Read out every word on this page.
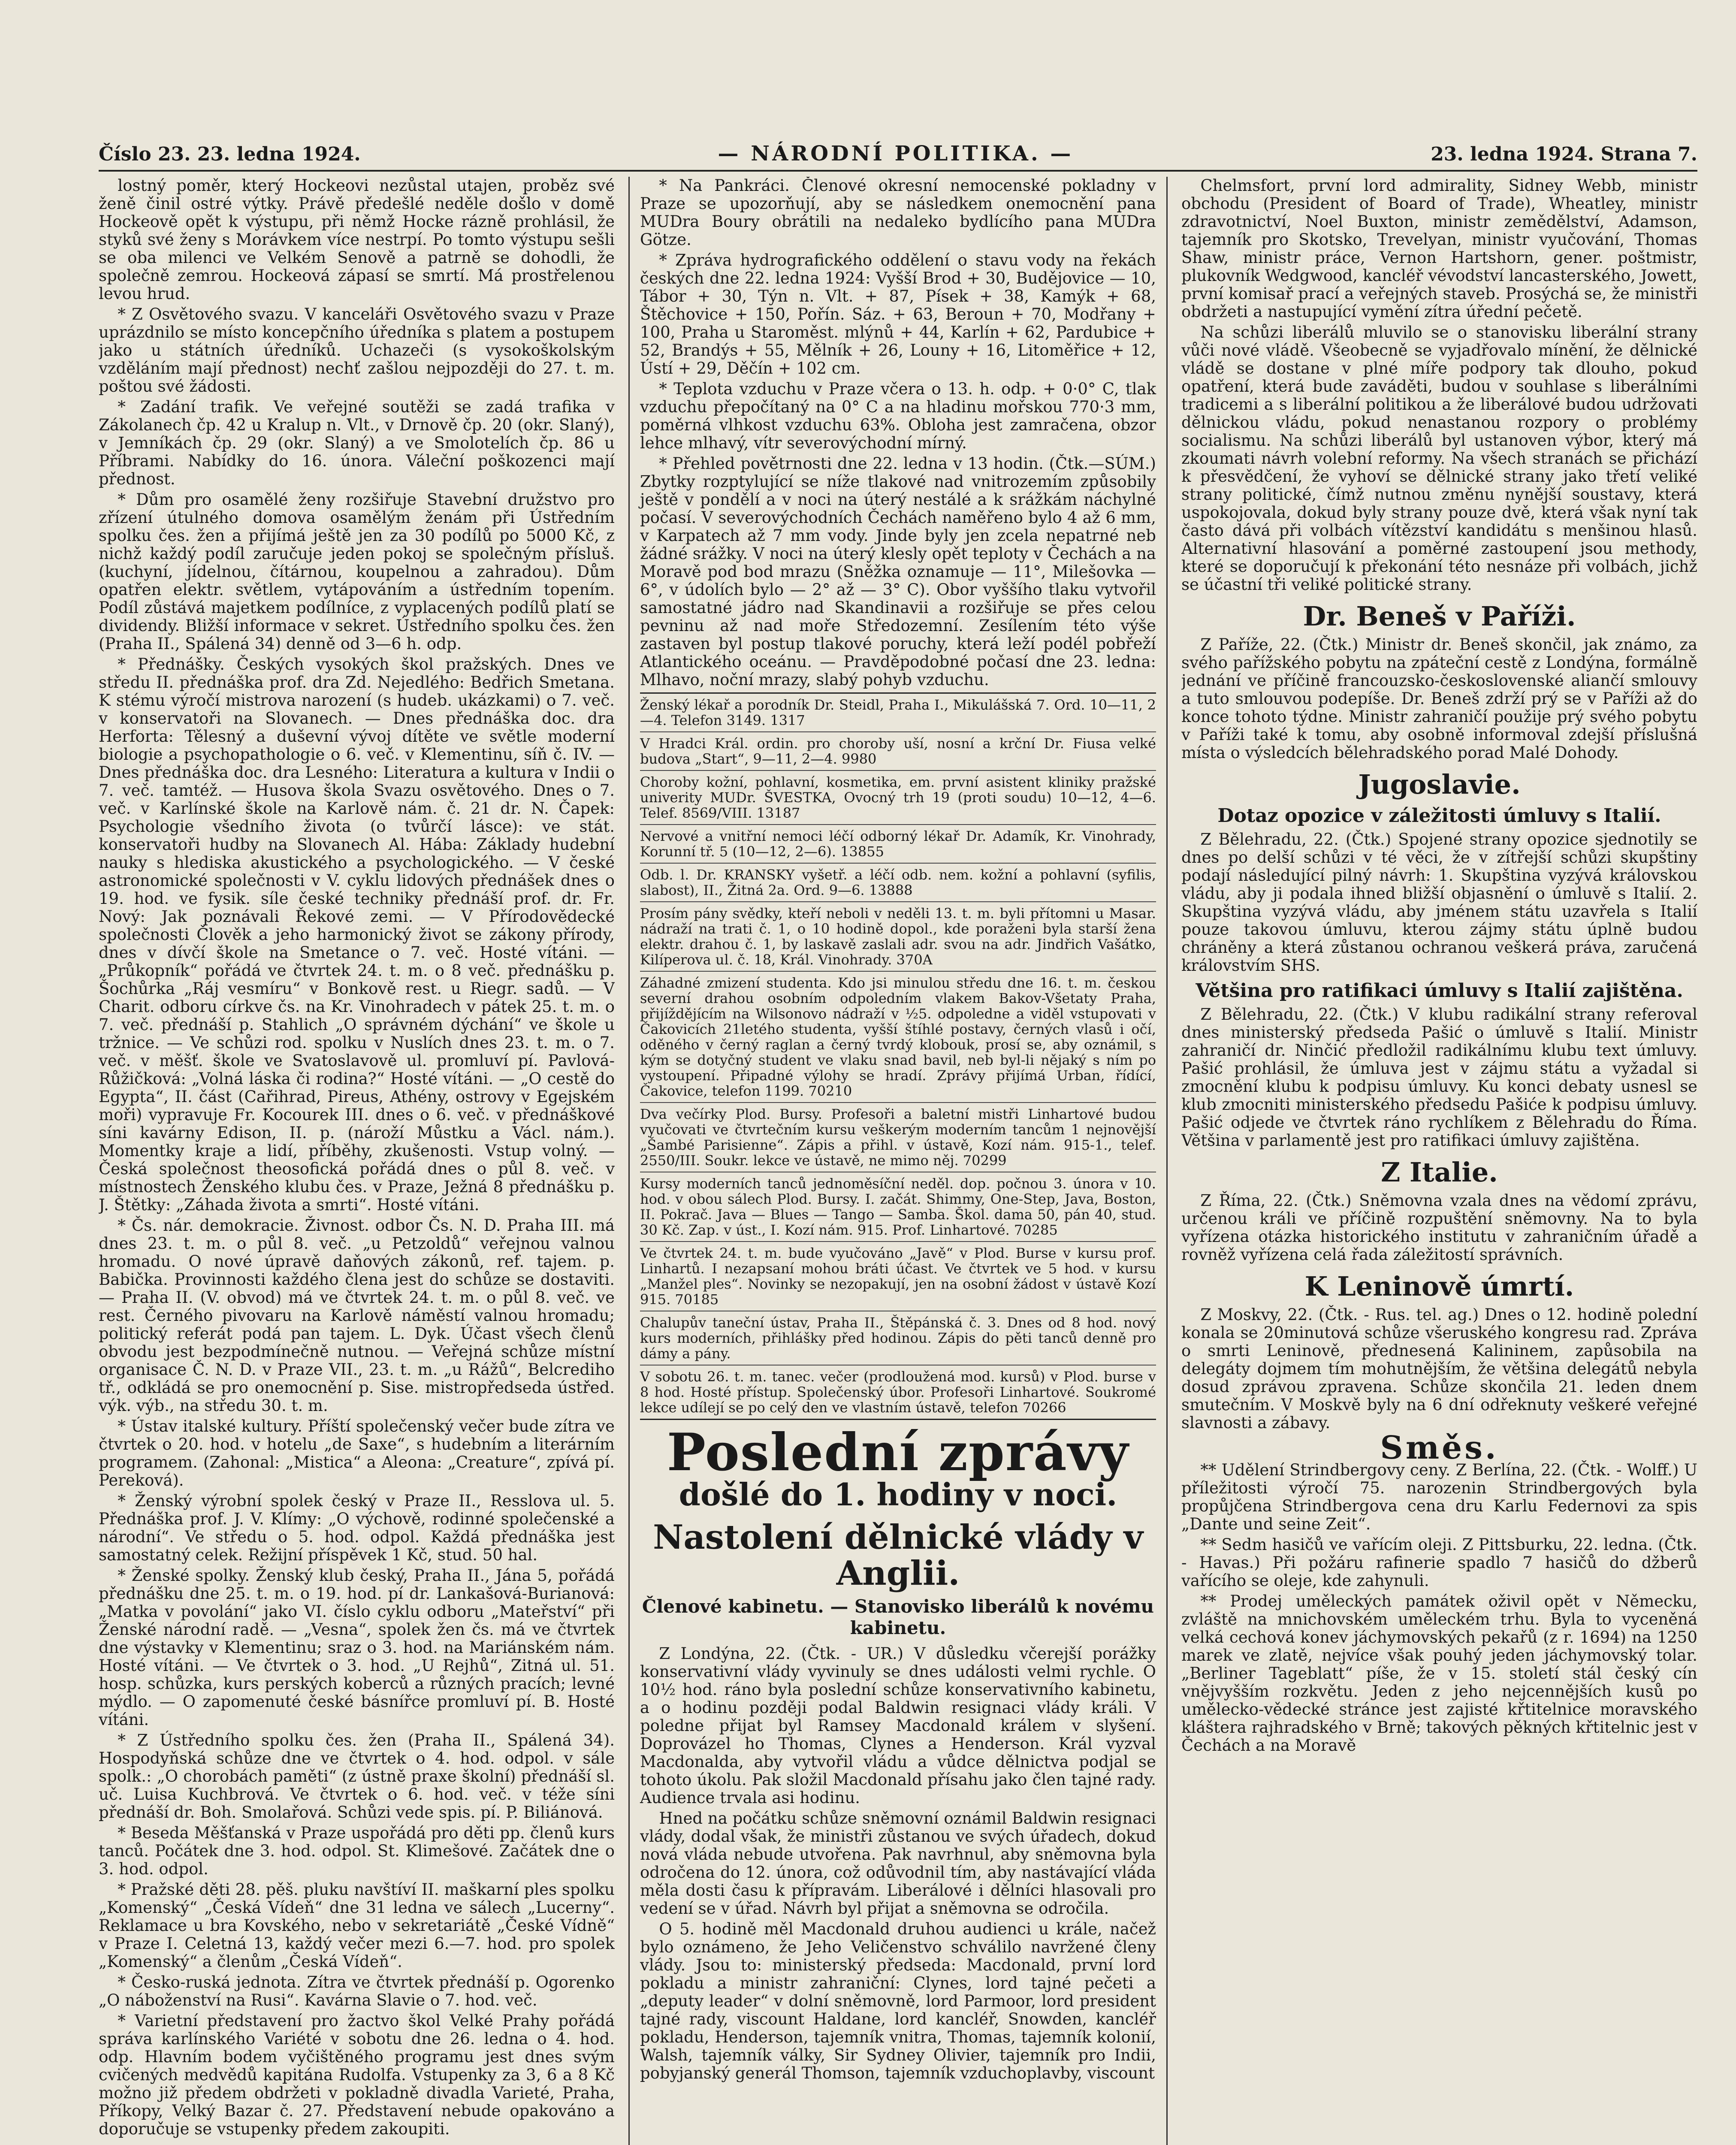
Číslo 23. 23. ledna 1924.	— NÁRODNÍ POLITIKA. —	23. ledna 1924. Strana 7.

lostný poměr, který Hockeovi nezůstal utajen, proběz své ženě činil ostré výtky. Právě předešlé neděle došlo v domě Hockeově opět k výstupu, při němž Hocke rázně prohlásil, že styků své ženy s Morávkem více nestrpí. Po tomto výstupu sešli se oba milenci ve Velkém Senově a patrně se dohodli, že společně zemrou. Hockeová zápasí se smrtí. Má prostřelenou levou hrud.

* Z Osvětového svazu. V kanceláři Osvětového svazu v Praze uprázdnilo se místo koncepčního úředníka s platem a postupem jako u státních úředníků. Uchazeči (s vysokoškolským vzděláním mají přednost) nechť zašlou nejpozději do 27. t. m. poštou své žádosti.

* Zadání trafik. Ve veřejné soutěži se zadá trafika v Zákolanech čp. 42 u Kralup n. Vlt., v Drnově čp. 20 (okr. Slaný), v Jemníkách čp. 29 (okr. Slaný) a ve Smolotelích čp. 86 u Příbrami. Nabídky do 16. února. Váleční poškozenci mají přednost.

* Dům pro osamělé ženy rozšiřuje Stavební družstvo pro zřízení útulného domova osamělým ženám při Ústředním spolku čes. žen a přijímá ještě jen za 30 podílů po 5000 Kč, z nichž každý podíl zaručuje jeden pokoj se společným přísluš. (kuchyní, jídelnou, čítárnou, koupelnou a zahradou). Dům opatřen elektr. světlem, vytápováním a ústředním topením. Podíl zůstává majetkem podílníce, z vyplacených podílů platí se dividendy. Bližší informace v sekret. Ústředního spolku čes. žen (Praha II., Spálená 34) denně od 3—6 h. odp.

* Přednášky. Českých vysokých škol pražských. Dnes ve středu II. přednáška prof. dra Zd. Nejedlého: Bedřich Smetana. K stému výročí mistrova narození (s hudeb. ukázkami) o 7. več. v konservatoři na Slovanech. — Dnes přednáška doc. dra Herforta: Tělesný a duševní vývoj dítěte ve světle moderní biologie a psychopathologie o 6. več. v Klementinu, síň č. IV. — Dnes přednáška doc. dra Lesného: Literatura a kultura v Indii o 7. več. tamtéž. — Husova škola Svazu osvětového. Dnes o 7. več. v Karlínské škole na Karlově nám. č. 21 dr. N. Čapek: Psychologie všedního života (o tvůrčí lásce): ve stát. konservatoři hudby na Slovanech Al. Hába: Základy hudební nauky s hlediska akustického a psychologického. — V české astronomické společnosti v V. cyklu lidových přednášek dnes o 19. hod. ve fysik. síle české techniky přednáší prof. dr. Fr. Nový: Jak poznávali Řekové zemi. — V Přírodovědecké společnosti Člověk a jeho harmonický život se zákony přírody, dnes v dívčí škole na Smetance o 7. več. Hosté vítáni. — „Průkopník“ pořádá ve čtvrtek 24. t. m. o 8 več. přednášku p. Šochůrka „Ráj vesmíru“ v Bonkově rest. u Riegr. sadů. — V Charit. odboru církve čs. na Kr. Vinohradech v pátek 25. t. m. o 7. več. přednáší p. Stahlich „O správném dýchání“ ve škole u tržnice. — Ve schůzi rod. spolku v Nuslích dnes 23. t. m. o 7. več. v měšť. škole ve Svatoslavově ul. promluví pí. Pavlová-Růžičková: „Volná láska či rodina?“ Hosté vítáni. — „O cestě do Egypta“, II. část (Cařihrad, Pireus, Athény, ostrovy v Egejském moři) vypravuje Fr. Kocourek III. dnes o 6. več. v přednáškové síni kavárny Edison, II. p. (nároží Můstku a Václ. nám.). Momentky kraje a lidí, příběhy, zkušenosti. Vstup volný. — Česká společnost theosofická pořádá dnes o půl 8. več. v místnostech Ženského klubu čes. v Praze, Ježná 8 přednášku p. J. Štětky: „Záhada života a smrti“. Hosté vítáni.

* Čs. nár. demokracie. Živnost. odbor Čs. N. D. Praha III. má dnes 23. t. m. o půl 8. več. „u Petzoldů“ veřejnou valnou hromadu. O nové úpravě daňových zákonů, ref. tajem. p. Babička. Provinnosti každého člena jest do schůze se dostaviti. — Praha II. (V. obvod) má ve čtvrtek 24. t. m. o půl 8. več. ve rest. Černého pivovaru na Karlově náměstí valnou hromadu; politický referát podá pan tajem. L. Dyk. Účast všech členů obvodu jest bezpodmínečně nutnou. — Veřejná schůze místní organisace Č. N. D. v Praze VII., 23. t. m. „u Rážů“, Belcrediho tř., odkládá se pro onemocnění p. Sise. mistropředseda ústřed. výk. výb., na středu 30. t. m.

* Ústav italské kultury. Příští společenský večer bude zítra ve čtvrtek o 20. hod. v hotelu „de Saxe“, s hudebním a literárním programem. (Zahonal: „Mistica“ a Aleona: „Creature“, zpívá pí. Pereková).

* Ženský výrobní spolek český v Praze II., Resslova ul. 5. Přednáška prof. J. V. Klímy: „O výchově, rodinné společenské a národní“. Ve středu o 5. hod. odpol. Každá přednáška jest samostatný celek. Režijní příspěvek 1 Kč, stud. 50 hal.

* Ženské spolky. Ženský klub český, Praha II., Jána 5, pořádá přednášku dne 25. t. m. o 19. hod. pí dr. Lankašová-Burianová: „Matka v povolání“ jako VI. číslo cyklu odboru „Mateřství“ při Ženské národní radě. — „Vesna“, spolek žen čs. má ve čtvrtek dne výstavky v Klementinu; sraz o 3. hod. na Mariánském nám. Hosté vítáni. — Ve čtvrtek o 3. hod. „U Rejhů“, Zitná ul. 51. hosp. schůzka, kurs perských koberců a různých pracích; levné mýdlo. — O zapomenuté české básnířce promluví pí. B. Hosté vítáni.

* Z Ústředního spolku čes. žen (Praha II., Spálená 34). Hospodyňská schůze dne ve čtvrtek o 4. hod. odpol. v sále spolk.: „O chorobách paměti“ (z ústně praxe školní) přednáší sl. uč. Luisa Kuchbrová. Ve čtvrtek o 6. hod. več. v téže síni přednáší dr. Boh. Smolařová. Schůzi vede spis. pí. P. Biliánová.

* Beseda Měšťanská v Praze uspořádá pro děti pp. členů kurs tanců. Počátek dne 3. hod. odpol. St. Klimešové. Začátek dne o 3. hod. odpol.

* Pražské děti 28. pěš. pluku navštíví II. maškarní ples spolku „Komenský“ „Česká Vídeň“ dne 31 ledna ve sálech „Lucerny“. Reklamace u bra Kovského, nebo v sekretariátě „České Vídně“ v Praze I. Celetná 13, každý večer mezi 6.—7. hod. pro spolek „Komenský“ a členům „Česká Vídeň“.

* Česko-ruská jednota. Zítra ve čtvrtek přednáší p. Ogorenko „O náboženství na Rusi“. Kavárna Slavie o 7. hod. več.

* Varietní představení pro žactvo škol Velké Prahy pořádá správa karlínského Variété v sobotu dne 26. ledna o 4. hod. odp. Hlavním bodem vyčištěného programu jest dnes svým cvičených medvědů kapitána Rudolfa. Vstupenky za 3, 6 a 8 Kč možno již předem obdržeti v pokladně divadla Varieté, Praha, Příkopy, Velký Bazar č. 27. Představení nebude opakováno a doporučuje se vstupenky předem zakoupiti.

* Na Pankráci. Členové okresní nemocenské pokladny v Praze se upozorňují, aby se následkem onemocnění pana MUDra Boury obrátili na nedaleko bydlícího pana MUDra Götze.

* Zpráva hydrografického oddělení o stavu vody na řekách českých dne 22. ledna 1924: Vyšší Brod + 30, Budějovice — 10, Tábor + 30, Týn n. Vlt. + 87, Písek + 38, Kamýk + 68, Štěchovice + 150, Pořín. Sáz. + 63, Beroun + 70, Modřany + 100, Praha u Staroměst. mlýnů + 44, Karlín + 62, Pardubice + 52, Brandýs + 55, Mělník + 26, Louny + 16, Litoměřice + 12, Ústí + 29, Děčín + 102 cm.

* Teplota vzduchu v Praze včera o 13. h. odp. + 0·0° C, tlak vzduchu přepočítaný na 0° C a na hladinu mořskou 770·3 mm, poměrná vlhkost vzduchu 63%. Obloha jest zamračena, obzor lehce mlhavý, vítr severovýchodní mírný.

* Přehled povětrnosti dne 22. ledna v 13 hodin. (Čtk.—SÚM.) Zbytky rozptylující se níže tlakové nad vnitrozemím způsobily ještě v pondělí a v noci na úterý nestálé a k srážkám náchylné počasí. V severovýchodních Čechách naměřeno bylo 4 až 6 mm, v Karpatech až 7 mm vody. Jinde byly jen zcela nepatrné neb žádné srážky. V noci na úterý klesly opět teploty v Čechách a na Moravě pod bod mrazu (Sněžka oznamuje — 11°, Milešovka — 6°, v údolích bylo — 2° až — 3° C). Obor vyššího tlaku vytvořil samostatné jádro nad Skandinavii a rozšiřuje se přes celou pevninu až nad moře Středozemní. Zesílením této výše zastaven byl postup tlakové poruchy, která leží podél pobřeží Atlantického oceánu. — Pravděpodobné počasí dne 23. ledna: Mlhavo, noční mrazy, slabý pohyb vzduchu.

Ženský lékař a porodník Dr. Steidl, Praha I., Mikulášská 7. Ord. 10—11, 2—4. Telefon 3149. 1317

V Hradci Král. ordin. pro choroby uší, nosní a krční Dr. Fiusa velké budova „Start“, 9—11, 2—4. 9980

Choroby kožní, pohlavní, kosmetika, em. první asistent kliniky pražské univerity MUDr. ŠVESTKA, Ovocný trh 19 (proti soudu) 10—12, 4—6. Telef. 8569/VIII. 13187

Nervové a vnitřní nemoci léčí odborný lékař Dr. Adamík, Kr. Vinohrady, Korunní tř. 5 (10—12, 2—6). 13855

Odb. l. Dr. KRANSKY vyšetř. a léčí odb. nem. kožní a pohlavní (syfilis, slabost), II., Žitná 2a. Ord. 9—6. 13888

Prosím pány svědky, kteří neboli v neděli 13. t. m. byli přítomni u Masar. nádraží na trati č. 1, o 10 hodině dopol., kde poraženi byla starší žena elektr. drahou č. 1, by laskavě zaslali adr. svou na adr. Jindřich Vašátko, Kilíperova ul. č. 18, Král. Vinohrady. 370A

Záhadné zmizení studenta. Kdo jsi minulou středu dne 16. t. m. českou severní drahou osobním odpoledním vlakem Bakov-Všetaty Praha, přijíždějícím na Wilsonovo nádraží v ½5. odpoledne a viděl vstupovati v Čakovicích 21letého studenta, vyšší štíhlé postavy, černých vlasů i očí, oděného v černý raglan a černý tvrdý klobouk, prosí se, aby oznámil, s kým se dotyčný student ve vlaku snad bavil, neb byl-li nějaký s ním po vystoupení. Připadné výlohy se hradí. Zprávy přijímá Urban, řídící, Čakovice, telefon 1199. 70210

Dva večírky Plod. Bursy. Profesoři a baletní mistři Linhartové budou vyučovati ve čtvrtečním kursu veškerým moderním tancům 1 nejnovější „Šambé Parisienne“. Zápis a přihl. v ústavě, Kozí nám. 915-1., telef. 2550/III. Soukr. lekce ve ústavě, ne mimo něj. 70299

Kursy moderních tanců jednoměsíční neděl. dop. počnou 3. února v 10. hod. v obou sálech Plod. Bursy. I. začát. Shimmy, One-Step, Java, Boston, II. Pokrač. Java — Blues — Tango — Samba. Škol. dama 50, pán 40, stud. 30 Kč. Zap. v úst., I. Kozí nám. 915. Prof. Linhartové. 70285

Ve čtvrtek 24. t. m. bude vyučováno „Javě“ v Plod. Burse v kursu prof. Linhartů. I nezapsaní mohou bráti účast. Ve čtvrtek ve 5 hod. v kursu „Manžel ples“. Novinky se nezopakují, jen na osobní žádost v ústavě Kozí 915. 70185

Chalupův taneční ústav, Praha II., Štěpánská č. 3. Dnes od 8 hod. nový kurs moderních, přihlášky před hodinou. Zápis do pěti tanců denně pro dámy a pány.

V sobotu 26. t. m. tanec. večer (prodloužená mod. kursů) v Plod. burse v 8 hod. Hosté přístup. Společenský úbor. Profesoři Linhartové. Soukromé lekce udílejí se po celý den ve vlastním ústavě, telefon 70266

Poslední zprávy
došlé do 1. hodiny v noci.
Nastolení dělnické vlády v Anglii.
Členové kabinetu. — Stanovisko liberálů k novému kabinetu.

Z Londýna, 22. (Čtk. - UR.) V důsledku včerejší porážky konservativní vlády vyvinuly se dnes události velmi rychle. O 10½ hod. ráno byla poslední schůze konservativního kabinetu, a o hodinu později podal Baldwin resignaci vlády králi. V poledne přijat byl Ramsey Macdonald králem v slyšení. Doprovázel ho Thomas, Clynes a Henderson. Král vyzval Macdonalda, aby vytvořil vládu a vůdce dělnictva podjal se tohoto úkolu. Pak složil Macdonald přísahu jako člen tajné rady. Audience trvala asi hodinu.

Hned na počátku schůze sněmovní oznámil Baldwin resignaci vlády, dodal však, že ministři zůstanou ve svých úřadech, dokud nová vláda nebude utvořena. Pak navrhnul, aby sněmovna byla odročena do 12. února, což odůvodnil tím, aby nastávající vláda měla dosti času k přípravám. Liberálové i dělníci hlasovali pro vedení se v úřad. Návrh byl přijat a sněmovna se odročila.

O 5. hodině měl Macdonald druhou audienci u krále, načež bylo oznámeno, že Jeho Veličenstvo schválilo navržené členy vlády. Jsou to: ministerský předseda: Macdonald, první lord pokladu a ministr zahraniční: Clynes, lord tajné pečeti a „deputy leader“ v dolní sněmovně, lord Parmoor, lord president tajné rady, viscount Haldane, lord kancléř, Snowden, kancléř pokladu, Henderson, tajemník vnitra, Thomas, tajemník kolonií, Walsh, tajemník války, Sir Sydney Olivier, tajemník pro Indii, pobyjanský generál Thomson, tajemník vzduchoplavby, viscount

Chelmsfort, první lord admirality, Sidney Webb, ministr obchodu (President of Board of Trade), Wheatley, ministr zdravotnictví, Noel Buxton, ministr zemědělství, Adamson, tajemník pro Skotsko, Trevelyan, ministr vyučování, Thomas Shaw, ministr práce, Vernon Hartshorn, gener. poštmistr, plukovník Wedgwood, kancléř vévodství lancasterského, Jowett, první komisař prací a veřejných staveb. Prosýchá se, že ministři obdržeti a nastupující vymění zítra úřední pečetě.

Na schůzi liberálů mluvilo se o stanovisku liberální strany vůči nové vládě. Všeobecně se vyjadřovalo mínění, že dělnické vládě se dostane v plné míře podpory tak dlouho, pokud opatření, která bude zaváděti, budou v souhlase s liberálními tradicemi a s liberální politikou a že liberálové budou udržovati dělnickou vládu, pokud nenastanou rozpory o problémy socialismu. Na schůzi liberálů byl ustanoven výbor, který má zkoumati návrh volební reformy. Na všech stranách se přichází k přesvědčení, že vyhoví se dělnické strany jako třetí veliké strany politické, čímž nutnou změnu nynější soustavy, která uspokojovala, dokud byly strany pouze dvě, která však nyní tak často dává při volbách vítězství kandidátu s menšinou hlasů. Alternativní hlasování a poměrné zastoupení jsou methody, které se doporučují k překonání této nesnáze při volbách, jichž se účastní tři veliké politické strany.

Dr. Beneš v Paříži.

Z Paříže, 22. (Čtk.) Ministr dr. Beneš skončil, jak známo, za svého pařížského pobytu na zpáteční cestě z Londýna, formálně jednání ve příčině francouzsko-československé aliančí smlouvy a tuto smlouvou podepíše. Dr. Beneš zdrží prý se v Paříži až do konce tohoto týdne. Ministr zahraničí použije prý svého pobytu v Paříži také k tomu, aby osobně informoval zdejší příslušná místa o výsledcích bělehradského porad Malé Dohody.

Jugoslavie.
Dotaz opozice v záležitosti úmluvy s Italií.

Z Bělehradu, 22. (Čtk.) Spojené strany opozice sjednotily se dnes po delší schůzi v té věci, že v zítřejší schůzi skupštiny podají následující pilný návrh: 1. Skupština vyzývá královskou vládu, aby ji podala ihned bližší objasnění o úmluvě s Italií. 2. Skupština vyzývá vládu, aby jménem státu uzavřela s Italií pouze takovou úmluvu, kterou zájmy státu úplně budou chráněny a která zůstanou ochranou veškerá práva, zaručená královstvím SHS.

Většina pro ratifikaci úmluvy s Italií zajištěna.

Z Bělehradu, 22. (Čtk.) V klubu radikální strany referoval dnes ministerský předseda Pašić o úmluvě s Italií. Ministr zahraničí dr. Ninčić předložil radikálnímu klubu text úmluvy. Pašić prohlásil, že úmluva jest v zájmu státu a vyžadal si zmocnění klubu k podpisu úmluvy. Ku konci debaty usnesl se klub zmocniti ministerského předsedu Pašiće k podpisu úmluvy. Pašić odjede ve čtvrtek ráno rychlíkem z Bělehradu do Říma. Většina v parlamentě jest pro ratifikaci úmluvy zajištěna.

Z Italie.

Z Říma, 22. (Čtk.) Sněmovna vzala dnes na vědomí zprávu, určenou králi ve příčině rozpuštění sněmovny. Na to byla vyřízena otázka historického institutu v zahraničním úřadě a rovněž vyřízena celá řada záležitostí správních.

K Leninově úmrtí.

Z Moskvy, 22. (Čtk. - Rus. tel. ag.) Dnes o 12. hodině polední konala se 20minutová schůze všeruského kongresu rad. Zpráva o smrti Leninově, přednesená Kalininem, zapůsobila na delegáty dojmem tím mohutnějším, že většina delegátů nebyla dosud zprávou zpravena. Schůze skončila 21. leden dnem smutečním. V Moskvě byly na 6 dní odřeknuty veškeré veřejné slavnosti a zábavy.

Směs.

** Udělení Strindbergovy ceny. Z Berlína, 22. (Čtk. - Wolff.) U příležitosti výročí 75. narozenin Strindbergových byla propůjčena Strindbergova cena dru Karlu Federnovi za spis „Dante und seine Zeit“.

** Sedm hasičů ve vařícím oleji. Z Pittsburku, 22. ledna. (Čtk. - Havas.) Při požáru rafinerie spadlo 7 hasičů do džberů vařícího se oleje, kde zahynuli.

** Prodej uměleckých památek oživil opět v Německu, zvláště na mnichovském uměleckém trhu. Byla to vyceněná velká cechová konev jáchymovských pekařů (z r. 1694) na 1250 marek ve zlatě, nejvíce však pouhý jeden jáchymovský tolar. „Berliner Tageblatt“ píše, že v 15. století stál český cín vnějvyšším rozkvětu. Jeden z jeho nejcennějších kusů po umělecko-vědecké stránce jest zajisté křtitelnice moravského kláštera rajhradského v Brně; takových pěkných křtitelnic jest v Čechách a na Moravě
